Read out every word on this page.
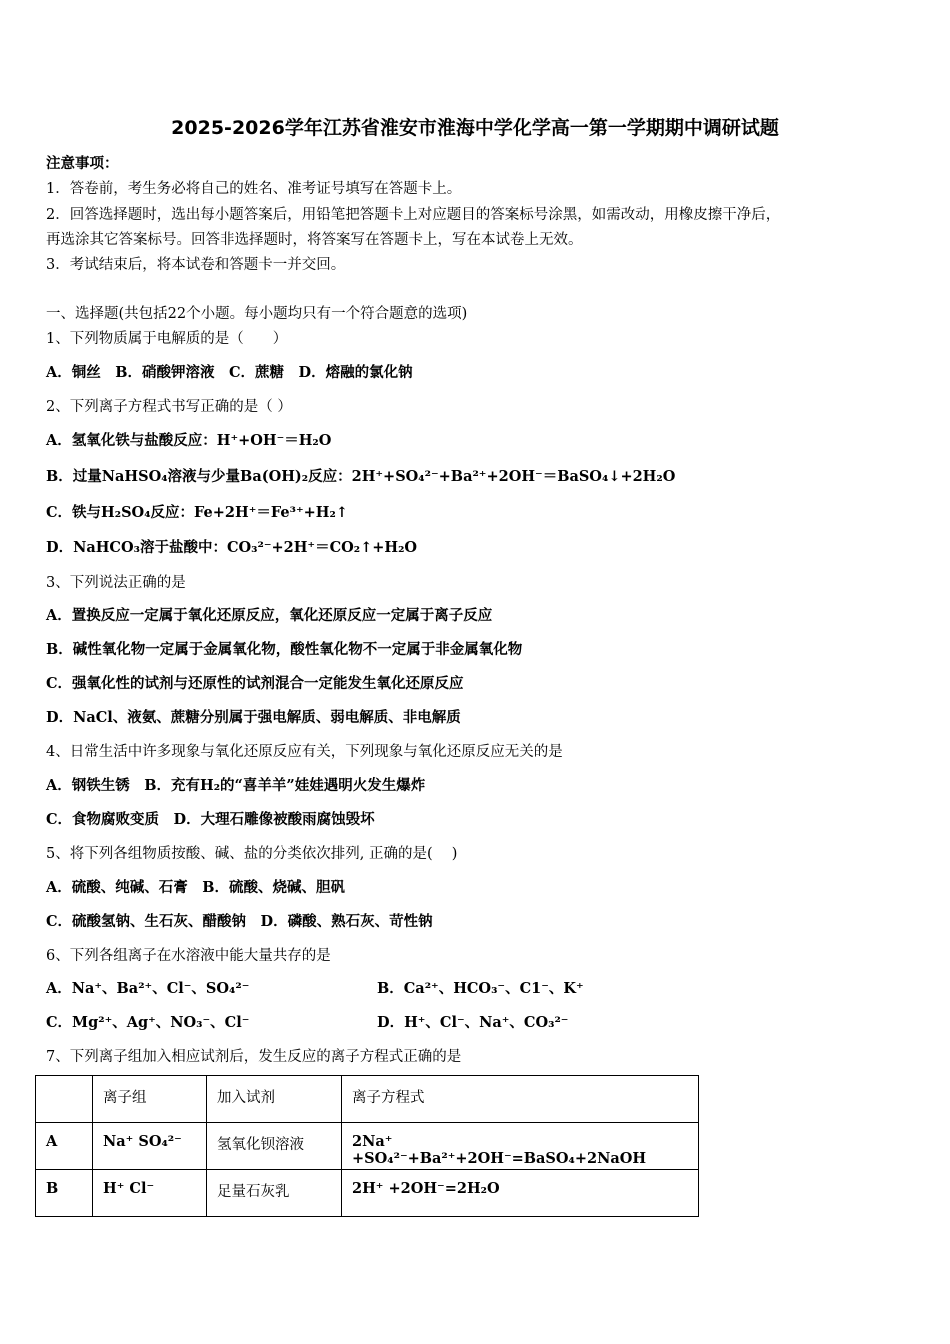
2025-2026学年江苏省淮安市淮海中学化学高一第一学期期中调研试题
注意事项：
1．答卷前，考生务必将自己的姓名、准考证号填写在答题卡上。
2．回答选择题时，选出每小题答案后，用铅笔把答题卡上对应题目的答案标号涂黑，如需改动，用橡皮擦干净后，
再选涂其它答案标号。回答非选择题时，将答案写在答题卡上，写在本试卷上无效。
3．考试结束后，将本试卷和答题卡一并交回。
一、选择题(共包括22个小题。每小题均只有一个符合题意的选项)
1、下列物质属于电解质的是（　　）
A．铜丝　B．硝酸钾溶液　C．蔗糖　D．熔融的氯化钠
2、下列离子方程式书写正确的是（ ）
A．氢氧化铁与盐酸反应：H⁺+OH⁻＝H₂O
B．过量NaHSO₄溶液与少量Ba(OH)₂反应：2H⁺+SO₄²⁻+Ba²⁺+2OH⁻＝BaSO₄↓+2H₂O
C．铁与H₂SO₄反应：Fe+2H⁺＝Fe³⁺+H₂↑
D．NaHCO₃溶于盐酸中：CO₃²⁻+2H⁺＝CO₂↑+H₂O
3、下列说法正确的是
A．置换反应一定属于氧化还原反应，氧化还原反应一定属于离子反应
B．碱性氧化物一定属于金属氧化物，酸性氧化物不一定属于非金属氧化物
C．强氧化性的试剂与还原性的试剂混合一定能发生氧化还原反应
D．NaCl、液氨、蔗糖分别属于强电解质、弱电解质、非电解质
4、日常生活中许多现象与氧化还原反应有关，下列现象与氧化还原反应无关的是
A．钢铁生锈　B．充有H₂的“喜羊羊”娃娃遇明火发生爆炸
C．食物腐败变质　D．大理石雕像被酸雨腐蚀毁坏
5、将下列各组物质按酸、碱、盐的分类依次排列, 正确的是(　 )
A．硫酸、纯碱、石膏　B．硫酸、烧碱、胆矾
C．硫酸氢钠、生石灰、醋酸钠　D．磷酸、熟石灰、苛性钠
6、下列各组离子在水溶液中能大量共存的是
A．Na⁺、Ba²⁺、Cl⁻、SO₄²⁻	B．Ca²⁺、HCO₃⁻、C1⁻、K⁺
C．Mg²⁺、Ag⁺、NO₃⁻、Cl⁻	D．H⁺、Cl⁻、Na⁺、CO₃²⁻
7、下列离子组加入相应试剂后，发生反应的离子方程式正确的是

	离子组	加入试剂	离子方程式

A	Na⁺ SO₄²⁻	氢氧化钡溶液	2Na⁺ +SO₄²⁻+Ba²⁺+2OH⁻=BaSO₄+2NaOH

B	H⁺ Cl⁻	足量石灰乳	2H⁺ +2OH⁻=2H₂O
